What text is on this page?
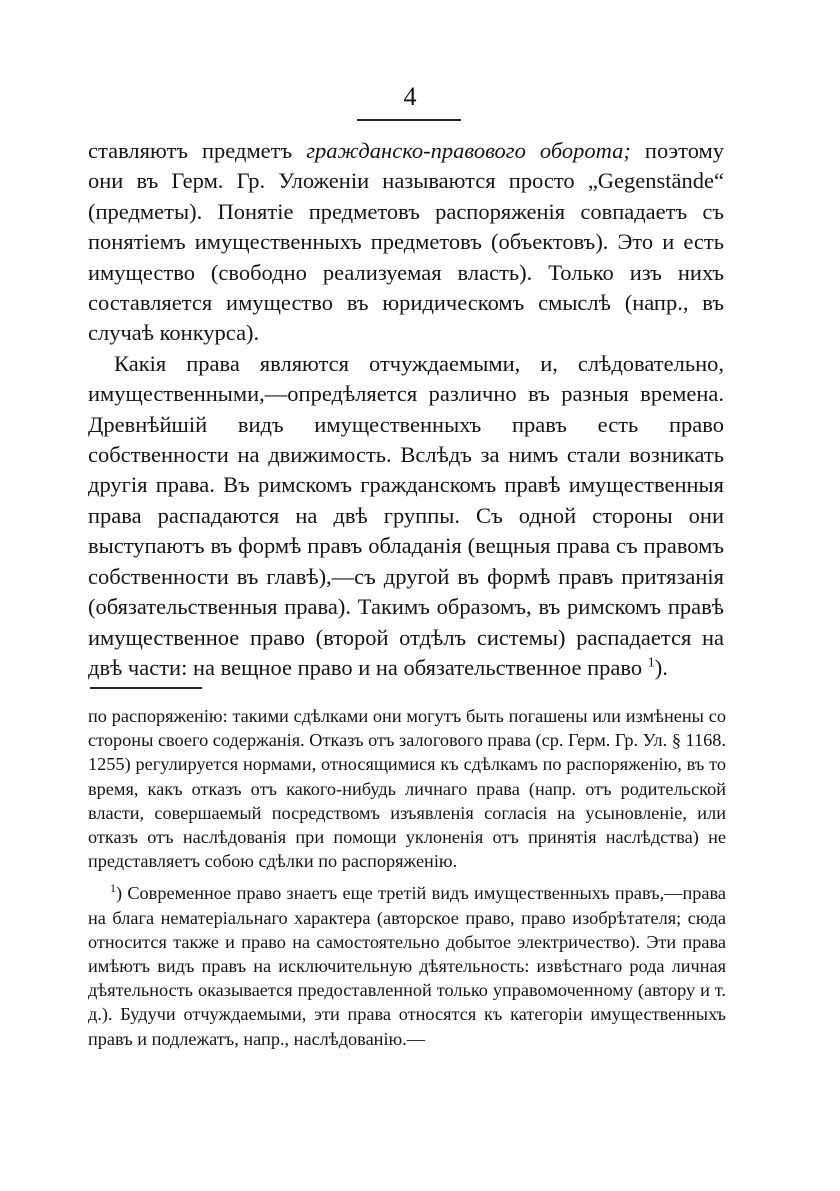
4

ставляютъ предметъ гражданско-правового оборота; поэтому они въ Герм. Гр. Уложеніи называются просто „Gegenstände“ (предметы). Понятіе предметовъ распоряженія совпадаетъ съ понятіемъ имущественныхъ предметовъ (объектовъ). Это и есть имущество (свободно реализуемая власть). Только изъ нихъ составляется имущество въ юридическомъ смыслѣ (напр., въ случаѣ конкурса).

Какія права являются отчуждаемыми, и, слѣдовательно, имущественными,—опредѣляется различно въ разныя времена. Древнѣйшій видъ имущественныхъ правъ есть право собственности на движимость. Вслѣдъ за нимъ стали возникать другія права. Въ римскомъ гражданскомъ правѣ имущественныя права распадаются на двѣ группы. Съ одной стороны они выступаютъ въ формѣ правъ обладанія (вещныя права съ правомъ собственности въ главѣ),—съ другой въ формѣ правъ притязанія (обязательственныя права). Такимъ образомъ, въ римскомъ правѣ имущественное право (второй отдѣлъ системы) распадается на двѣ части: на вещное право и на обязательственное право $^1$).

по распоряженію: такими сдѣлками они могутъ быть погашены или измѣнены со стороны своего содержанія. Отказъ отъ залогового права (ср. Герм. Гр. Ул. § 1168. 1255) регулируется нормами, относящимися къ сдѣлкамъ по распоряженію, въ то время, какъ отказъ отъ какого-нибудь личнаго права (напр. отъ родительской власти, совершаемый посредствомъ изъявленія согласія на усыновленіе, или отказъ отъ наслѣдованія при помощи уклоненія отъ принятія наслѣдства) не представляетъ собою сдѣлки по распоряженію.

$^1$) Современное право знаетъ еще третій видъ имущественныхъ правъ,—права на блага нематеріальнаго характера (авторское право, право изобрѣтателя; сюда относится также и право на самостоятельно добытое электричество). Эти права имѣютъ видъ правъ на исключительную дѣятельность: извѣстнаго рода личная дѣятельность оказывается предоставленной только управомоченному (автору и т. д.). Будучи отчуждаемыми, эти права относятся къ категоріи имущественныхъ правъ и подлежатъ, напр., наслѣдованію.—
